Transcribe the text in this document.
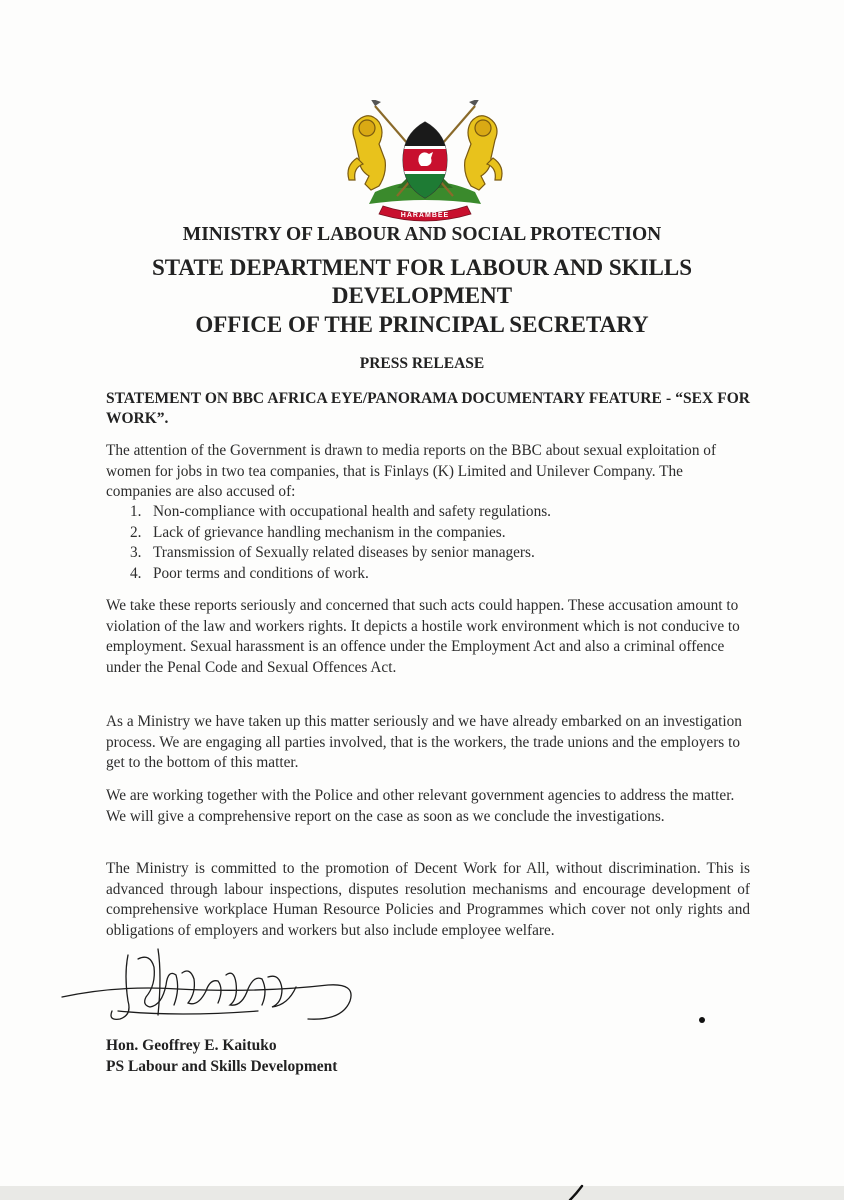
HARAMBEE
MINISTRY OF LABOUR AND SOCIAL PROTECTION
STATE DEPARTMENT FOR LABOUR AND SKILLS DEVELOPMENT
OFFICE OF THE PRINCIPAL SECRETARY
PRESS RELEASE
STATEMENT ON BBC AFRICA EYE/PANORAMA DOCUMENTARY FEATURE - “SEX FOR WORK”.

The attention of the Government is drawn to media reports on the BBC about sexual exploitation of women for jobs in two tea companies, that is Finlays (K) Limited and Unilever Company. The companies are also accused of:

1. Non-compliance with occupational health and safety regulations.
2. Lack of grievance handling mechanism in the companies.
3. Transmission of Sexually related diseases by senior managers.
4. Poor terms and conditions of work.

We take these reports seriously and concerned that such acts could happen. These accusation amount to violation of the law and workers rights. It depicts a hostile work environment which is not conducive to employment. Sexual harassment is an offence under the Employment Act and also a criminal offence under the Penal Code and Sexual Offences Act.

As a Ministry we have taken up this matter seriously and we have already embarked on an investigation process. We are engaging all parties involved, that is the workers, the trade unions and the employers to get to the bottom of this matter.

We are working together with the Police and other relevant government agencies to address the matter. We will give a comprehensive report on the case as soon as we conclude the investigations.

The Ministry is committed to the promotion of Decent Work for All, without discrimination. This is advanced through labour inspections, disputes resolution mechanisms and encourage development of comprehensive workplace Human Resource Policies and Programmes which cover not only rights and obligations of employers and workers but also include employee welfare.

Hon. Geoffrey E. Kaituko
PS Labour and Skills Development
